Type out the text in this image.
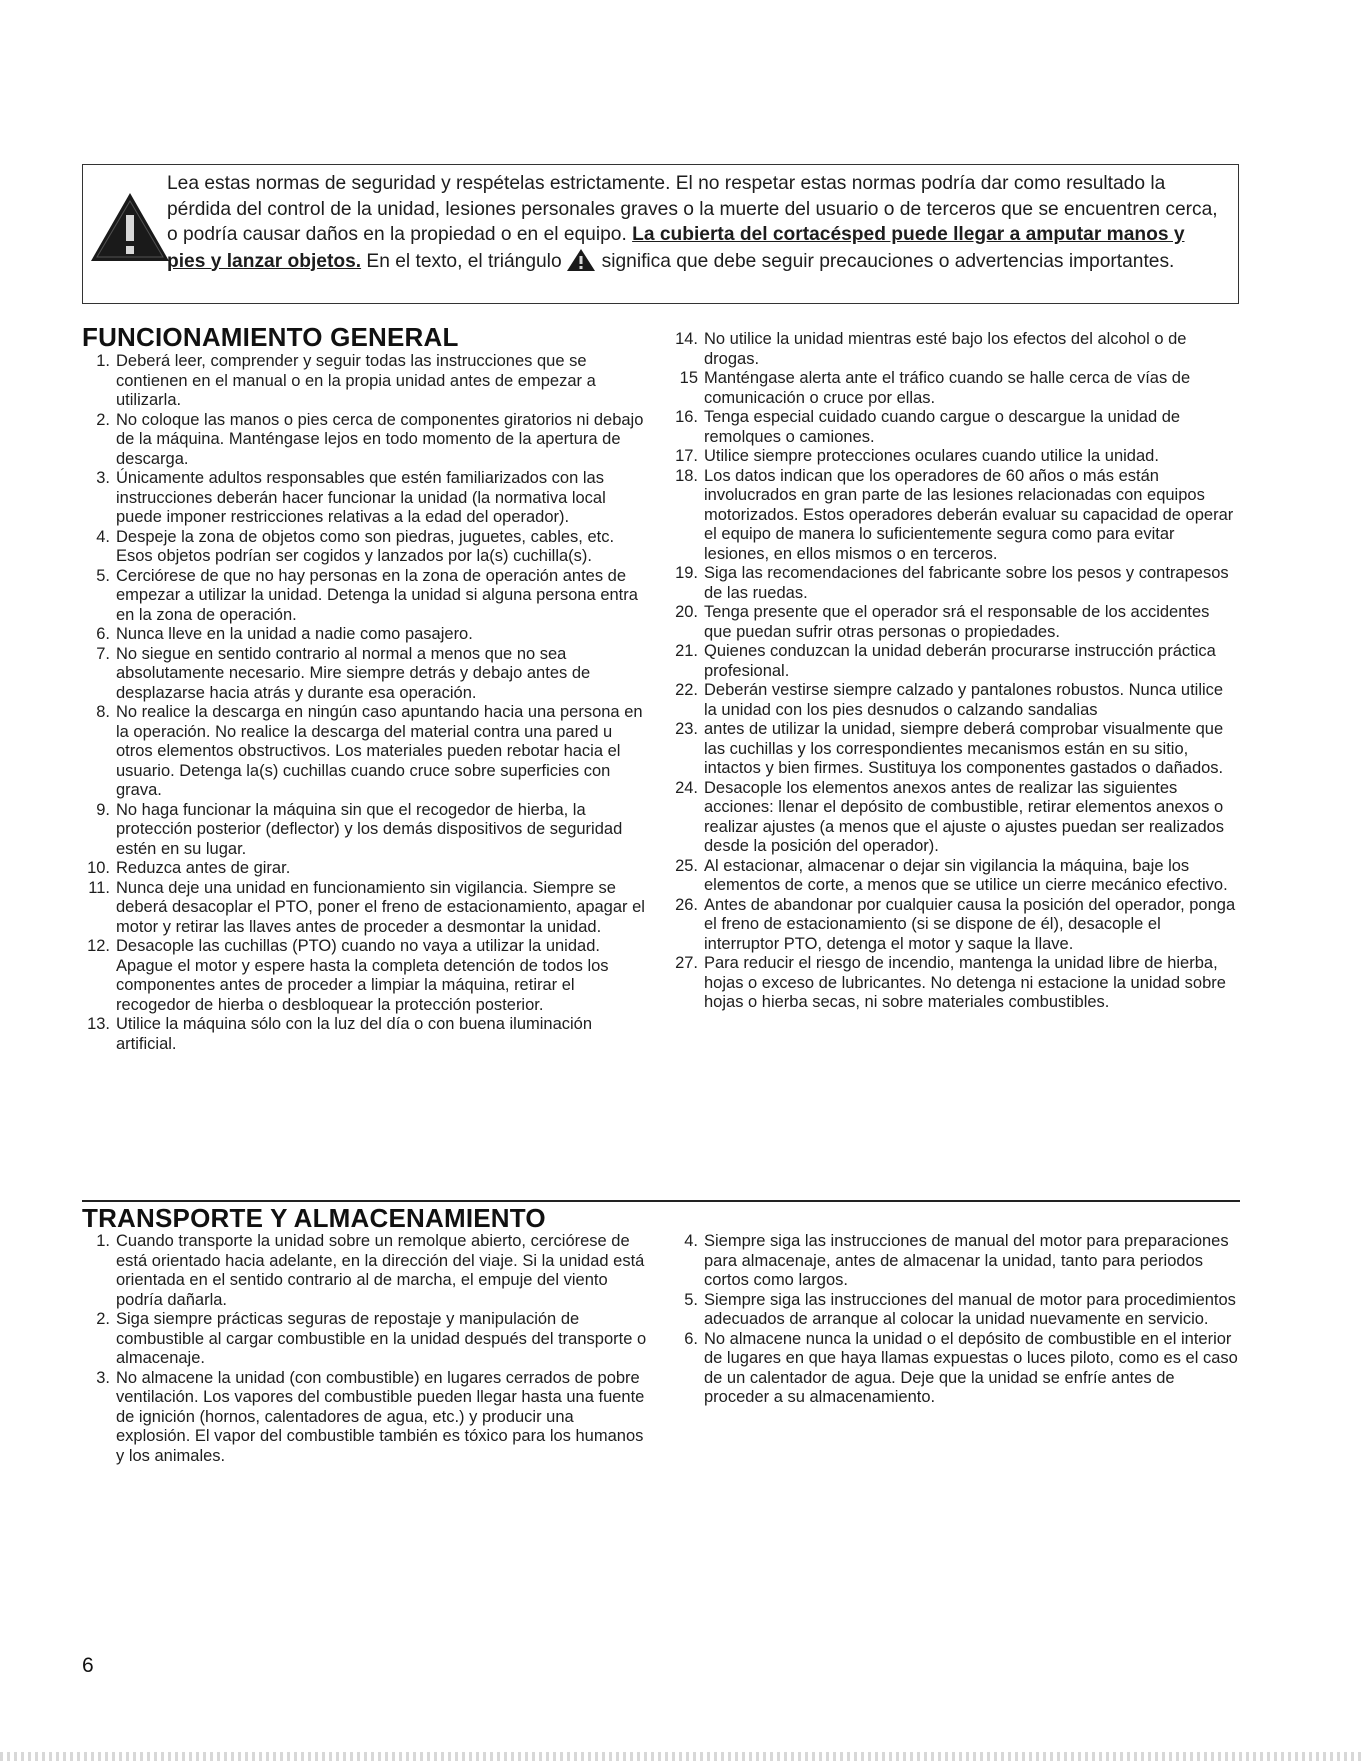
Lea estas normas de seguridad y respételas estrictamente. El no respetar estas normas podría dar como resultado la pérdida del control de la unidad, lesiones personales graves o la muerte del usuario o de terceros que se encuentren cerca, o podría causar daños en la propiedad o en el equipo. La cubierta del cortacésped puede llegar a amputar manos y pies y lanzar objetos. En el texto, el triángulo significa que debe seguir precauciones o advertencias importantes.
FUNCIONAMIENTO GENERAL
1. Deberá leer, comprender y seguir todas las instrucciones que se contienen en el manual o en la propia unidad antes de empezar a utilizarla.
2. No coloque las manos o pies cerca de componentes giratorios ni debajo de la máquina. Manténgase lejos en todo momento de la apertura de descarga.
3. Únicamente adultos responsables que estén familiarizados con las instrucciones deberán hacer funcionar la unidad (la normativa local puede imponer restricciones relativas a la edad del operador).
4. Despeje la zona de objetos como son piedras, juguetes, cables, etc. Esos objetos podrían ser cogidos y lanzados por la(s) cuchilla(s).
5. Cerciórese de que no hay personas en la zona de operación antes de empezar a utilizar la unidad. Detenga la unidad si alguna persona entra en la zona de operación.
6. Nunca lleve en la unidad a nadie como pasajero.
7. No siegue en sentido contrario al normal a menos que no sea absolutamente necesario. Mire siempre detrás y debajo antes de desplazarse hacia atrás y durante esa operación.
8. No realice la descarga en ningún caso apuntando hacia una persona en la operación. No realice la descarga del material contra una pared u otros elementos obstructivos. Los materiales pueden rebotar hacia el usuario. Detenga la(s) cuchillas cuando cruce sobre superficies con grava.
9. No haga funcionar la máquina sin que el recogedor de hierba, la protección posterior (deflector) y los demás dispositivos de seguridad estén en su lugar.
10. Reduzca antes de girar.
11. Nunca deje una unidad en funcionamiento sin vigilancia. Siempre se deberá desacoplar el PTO, poner el freno de estacionamiento, apagar el motor y retirar las llaves antes de proceder a desmontar la unidad.
12. Desacople las cuchillas (PTO) cuando no vaya a utilizar la unidad. Apague el motor y espere hasta la completa detención de todos los componentes antes de proceder a limpiar la máquina, retirar el recogedor de hierba o desbloquear la protección posterior.
13. Utilice la máquina sólo con la luz del día o con buena iluminación artificial.
14. No utilice la unidad mientras esté bajo los efectos del alcohol o de drogas.
15 Manténgase alerta ante el tráfico cuando se halle cerca de vías de comunicación o cruce por ellas.
16. Tenga especial cuidado cuando cargue o descargue la unidad de remolques o camiones.
17. Utilice siempre protecciones oculares cuando utilice la unidad.
18. Los datos indican que los operadores de 60 años o más están involucrados en gran parte de las lesiones relacionadas con equipos motorizados. Estos operadores deberán evaluar su capacidad de operar el equipo de manera lo suficientemente segura como para evitar lesiones, en ellos mismos o en terceros.
19. Siga las recomendaciones del fabricante sobre los pesos y contrapesos de las ruedas.
20. Tenga presente que el operador srá el responsable de los accidentes que puedan sufrir otras personas o propiedades.
21. Quienes conduzcan la unidad deberán procurarse instrucción práctica profesional.
22. Deberán vestirse siempre calzado y pantalones robustos. Nunca utilice la unidad con los pies desnudos o calzando sandalias
23. antes de utilizar la unidad, siempre deberá comprobar visualmente que las cuchillas y los correspondientes mecanismos están en su sitio, intactos y bien firmes. Sustituya los componentes gastados o dañados.
24. Desacople los elementos anexos antes de realizar las siguientes acciones: llenar el depósito de combustible, retirar elementos anexos o realizar ajustes (a menos que el ajuste o ajustes puedan ser realizados desde la posición del operador).
25. Al estacionar, almacenar o dejar sin vigilancia la máquina, baje los elementos de corte, a menos que se utilice un cierre mecánico efectivo.
26. Antes de abandonar por cualquier causa la posición del operador, ponga el freno de estacionamiento (si se dispone de él), desacople el interruptor PTO, detenga el motor y saque la llave.
27. Para reducir el riesgo de incendio, mantenga la unidad libre de hierba, hojas o exceso de lubricantes. No detenga ni estacione la unidad sobre hojas o hierba secas, ni sobre materiales combustibles.
TRANSPORTE Y ALMACENAMIENTO
1. Cuando transporte la unidad sobre un remolque abierto, cerciórese de está orientado hacia adelante, en la dirección del viaje. Si la unidad está orientada en el sentido contrario al de marcha, el empuje del viento podría dañarla.
2. Siga siempre prácticas seguras de repostaje y manipulación de combustible al cargar combustible en la unidad después del transporte o almacenaje.
3. No almacene la unidad (con combustible) en lugares cerrados de pobre ventilación. Los vapores del combustible pueden llegar hasta una fuente de ignición (hornos, calentadores de agua, etc.) y producir una explosión. El vapor del combustible también es tóxico para los humanos y los animales.
4. Siempre siga las instrucciones de manual del motor para preparaciones para almacenaje, antes de almacenar la unidad, tanto para periodos cortos como largos.
5. Siempre siga las instrucciones del manual de motor para procedimientos adecuados de arranque al colocar la unidad nuevamente en servicio.
6. No almacene nunca la unidad o el depósito de combustible en el interior de lugares en que haya llamas expuestas o luces piloto, como es el caso de un calentador de agua. Deje que la unidad se enfríe antes de proceder a su almacenamiento.
6
